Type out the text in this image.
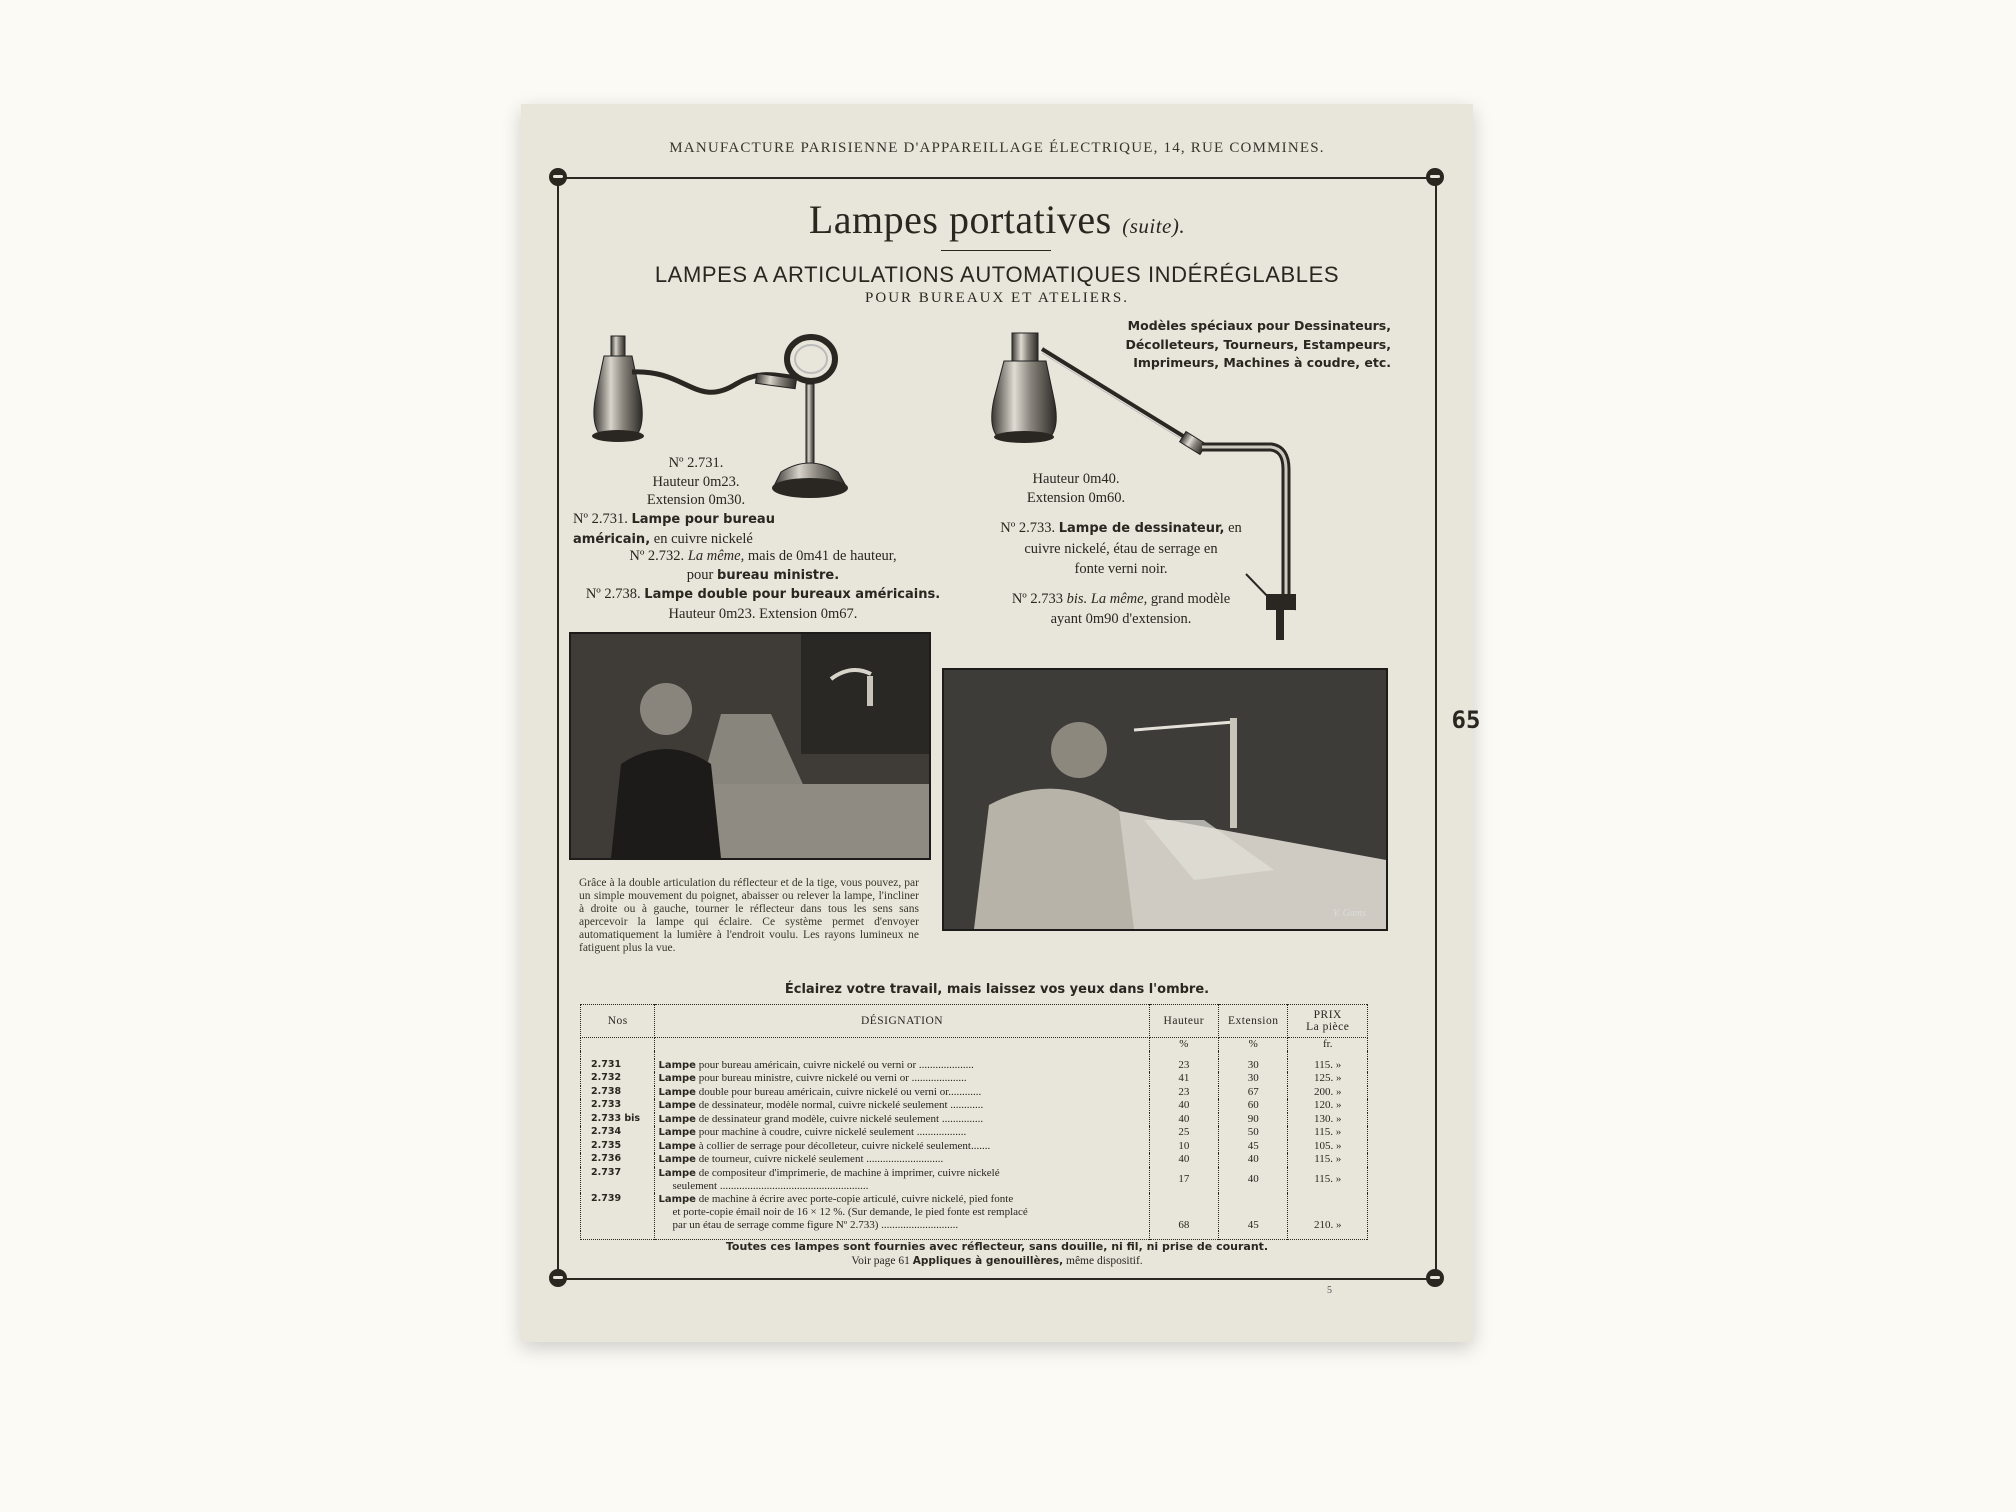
MANUFACTURE PARISIENNE D'APPAREILLAGE ÉLECTRIQUE, 14, RUE COMMINES.
Lampes portatives (suite).
LAMPES A ARTICULATIONS AUTOMATIQUES INDÉRÉGLABLES
POUR BUREAUX ET ATELIERS.
Modèles spéciaux pour Dessinateurs,
Décolleteurs, Tourneurs, Estampeurs,
Imprimeurs, Machines à coudre, etc.
Nº 2.731.
Hauteur 0m23.
Extension 0m30.
Nº 2.731. Lampe pour bureau
américain, en cuivre nickelé
Nº 2.732. La même, mais de 0m41 de hauteur,
pour bureau ministre.
Nº 2.738. Lampe double pour bureaux américains.
Hauteur 0m23. Extension 0m67.
Hauteur 0m40.
Extension 0m60.
Nº 2.733. Lampe de dessinateur, en
cuivre nickelé, étau de serrage en
fonte verni noir.
Nº 2.733 bis. La même, grand modèle
ayant 0m90 d'extension.
V. Gams
Grâce à la double articulation du réflecteur et de la tige, vous pouvez, par un simple mouvement du poignet, abaisser ou relever la lampe, l'incliner à droite ou à gauche, tourner le réflecteur dans tous les sens sans apercevoir la lampe qui éclaire. Ce système permet d'envoyer automatiquement la lumière à l'endroit voulu. Les rayons lumineux ne fatiguent plus la vue.
Éclairez votre travail, mais laissez vos yeux dans l'ombre.
Nos	DÉSIGNATION	Hauteur	Extension	PRIX
La pièce

		%	%	fr.

2.731	Lampe pour bureau américain, cuivre nickelé ou verni or ....................	23	30	115. »
2.732	Lampe pour bureau ministre, cuivre nickelé ou verni or ....................	41	30	125. »
2.738	Lampe double pour bureau américain, cuivre nickelé ou verni or............	23	67	200. »
2.733	Lampe de dessinateur, modèle normal, cuivre nickelé seulement ............	40	60	120. »
2.733 bis	Lampe de dessinateur grand modèle, cuivre nickelé seulement ...............	40	90	130. »
2.734	Lampe pour machine à coudre, cuivre nickelé seulement ..................	25	50	115. »
2.735	Lampe à collier de serrage pour décolleteur, cuivre nickelé seulement.......	10	45	105. »
2.736	Lampe de tourneur, cuivre nickelé seulement ............................	40	40	115. »
2.737	Lampe de compositeur d'imprimerie, de machine à imprimer, cuivre nickelé
seulement ......................................................	17	40	115. »
2.739	Lampe de machine à écrire avec porte-copie articulé, cuivre nickelé, pied fonte
et porte-copie émail noir de 16 × 12 %. (Sur demande, le pied fonte est remplacé
par un étau de serrage comme figure Nº 2.733) ............................	68	45	210. »

Toutes ces lampes sont fournies avec réflecteur, sans douille, ni fil, ni prise de courant.
Voir page 61 Appliques à genouillères, même dispositif.
65
5
